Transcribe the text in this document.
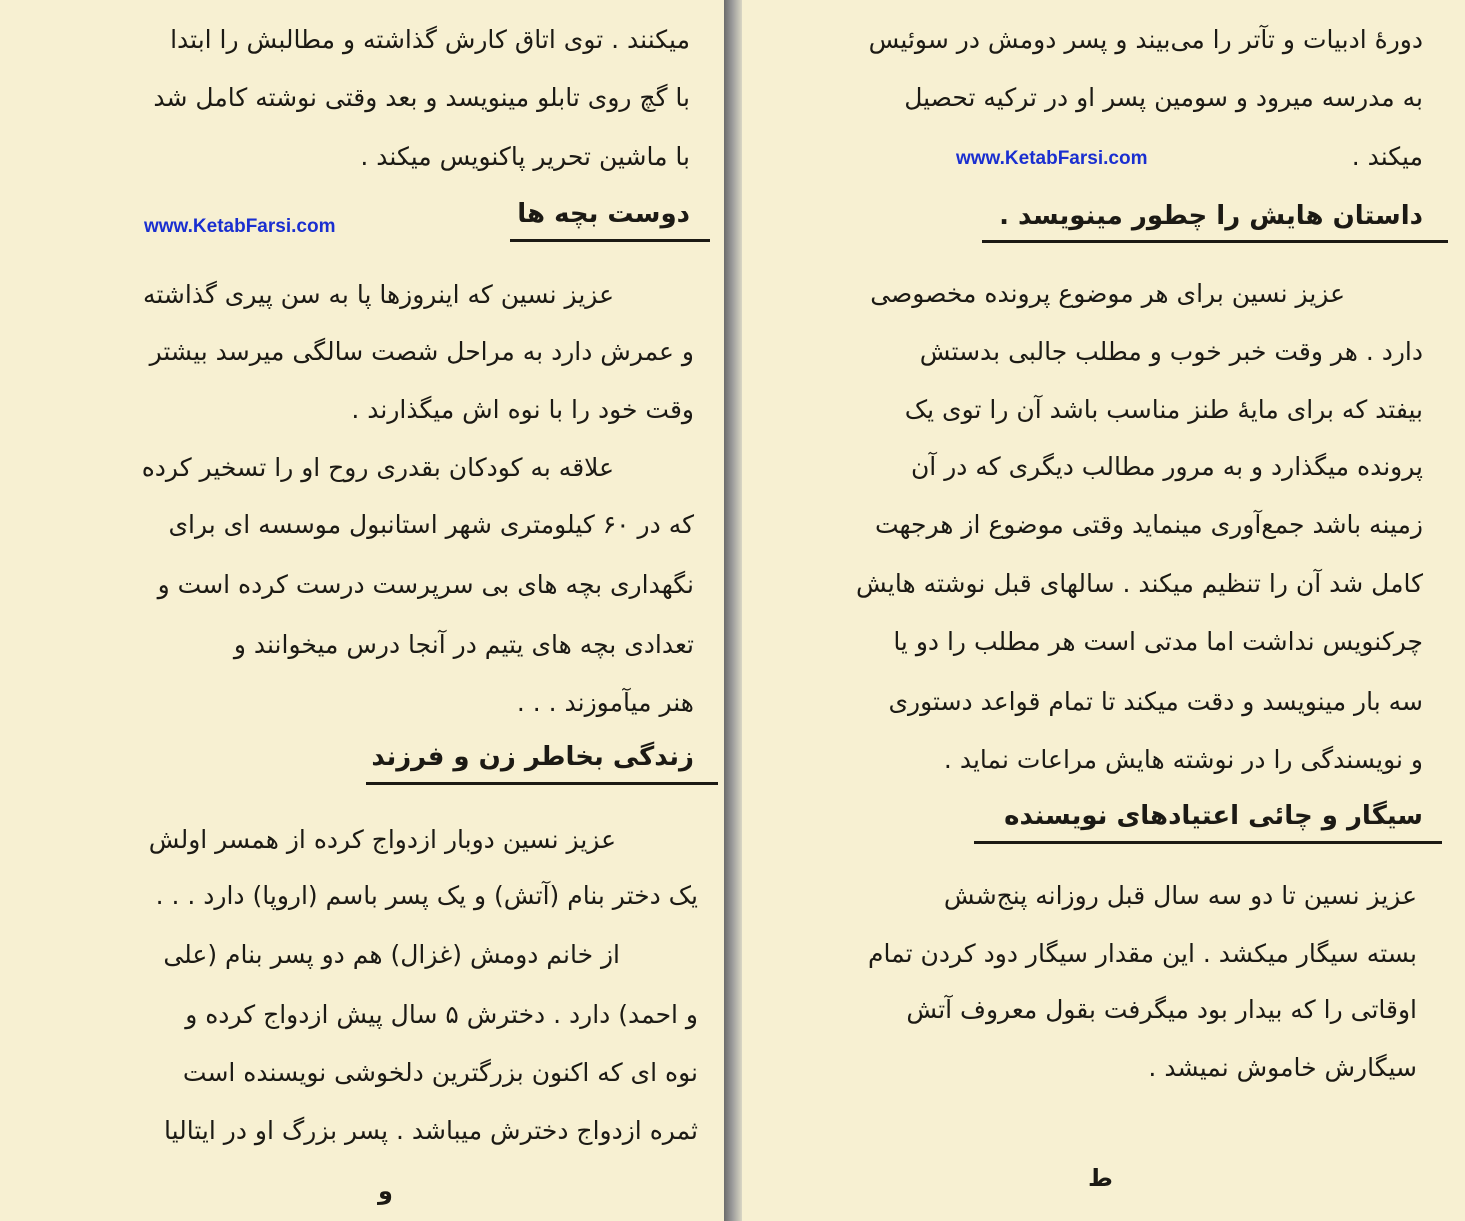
میکنند . توی اتاق کارش گذاشته و مطالبش را ابتدا
با گچ روی تابلو مینویسد و بعد وقتی نوشته کامل شد
با ماشین تحریر پاکنویس میکند .
www.KetabFarsi.com	دوست بچه ها
عزیز نسین که اینروزها پا به سن پیری گذاشته
و عمرش دارد به مراحل شصت سالگی میرسد بیشتر
وقت خود را با نوه اش میگذارند .
علاقه به کودکان بقدری روح او را تسخیر کرده
که در ۶۰ کیلومتری شهر استانبول موسسه ای برای
نگهداری بچه های بی سرپرست درست کرده است و
تعدادی بچه های یتیم در آنجا درس میخوانند و
هنر میآموزند . . .
زندگی بخاطر زن و فرزند
عزیز نسین دوبار ازدواج کرده از همسر اولش
یک دختر بنام (آتش) و یک پسر باسم (اروپا) دارد . . .
از خانم دومش (غزال) هم دو پسر بنام (علی
و احمد) دارد . دخترش ۵ سال پیش ازدواج کرده و
نوه ای که اکنون بزرگترین دلخوشی نویسنده است
ثمره ازدواج دخترش میباشد . پسر بزرگ او در ایتالیا
و
دوره‌ٔ ادبیات و تآتر را می‌بیند و پسر دومش در سوئیس
به مدرسه میرود و سومین پسر او در ترکیه تحصیل
میکند .
www.KetabFarsi.com
داستان هایش را چطور مینویسد .
عزیز نسین برای هر موضوع پرونده مخصوصی
دارد . هر وقت خبر خوب و مطلب جالبی بدستش
بیفتد که برای مایه‌ٔ طنز مناسب باشد آن را توی یک
پرونده میگذارد و به مرور مطالب دیگری که در آن
زمینه باشد جمع‌آوری مینماید وقتی موضوع از هرجهت
کامل شد آن را تنظیم میکند . سالهای قبل نوشته هایش
چرکنویس نداشت اما مدتی است هر مطلب را دو یا
سه بار مینویسد و دقت میکند تا تمام قواعد دستوری
و نویسندگی را در نوشته هایش مراعات نماید .
سیگار و چائی اعتیادهای نویسنده
عزیز نسین تا دو سه سال قبل روزانه پنج‌شش
بسته سیگار میکشد . این مقدار سیگار دود کردن تمام
اوقاتی را که بیدار بود میگرفت بقول معروف آتش
سیگارش خاموش نمیشد .
ط
